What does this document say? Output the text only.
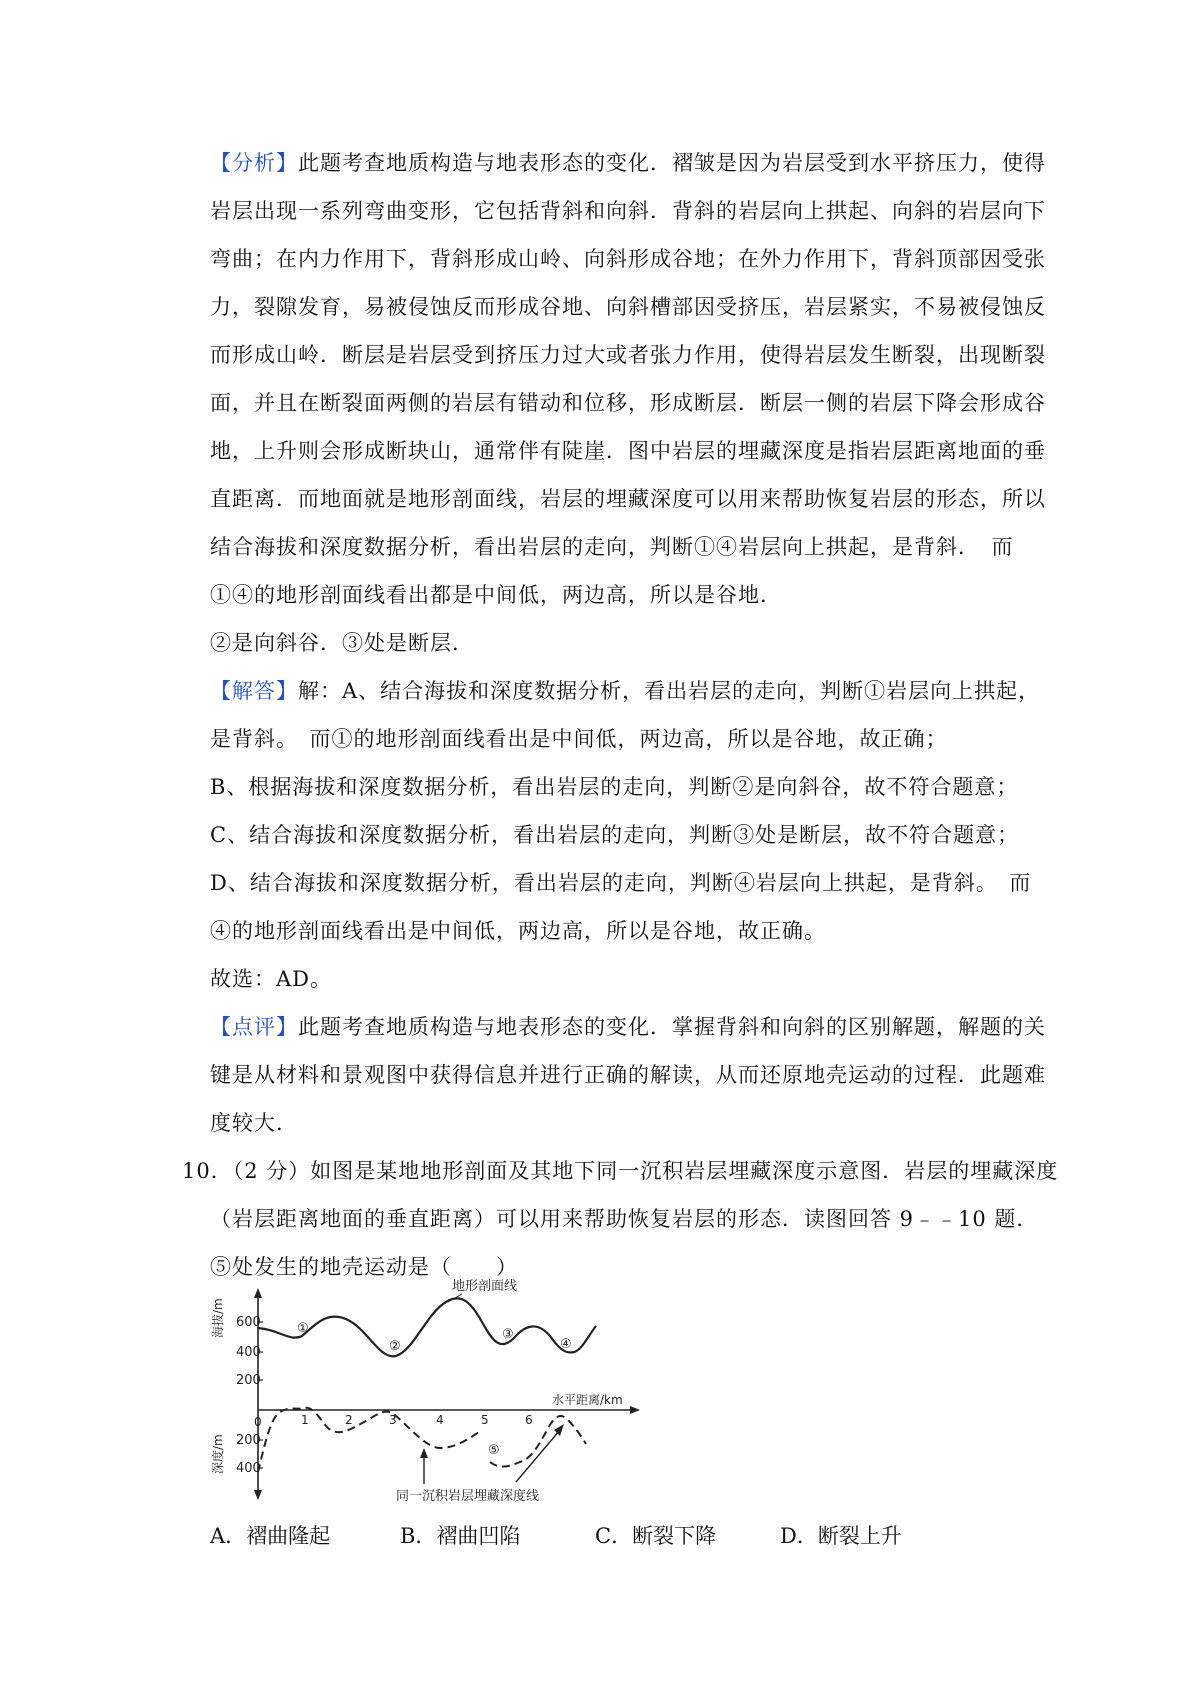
【分析】此题考查地质构造与地表形态的变化．褶皱是因为岩层受到水平挤压力，使得
岩层出现一系列弯曲变形，它包括背斜和向斜．背斜的岩层向上拱起、向斜的岩层向下
弯曲；在内力作用下，背斜形成山岭、向斜形成谷地；在外力作用下，背斜顶部因受张
力，裂隙发育，易被侵蚀反而形成谷地、向斜槽部因受挤压，岩层紧实，不易被侵蚀反
而形成山岭．断层是岩层受到挤压力过大或者张力作用，使得岩层发生断裂，出现断裂
面，并且在断裂面两侧的岩层有错动和位移，形成断层．断层一侧的岩层下降会形成谷
地，上升则会形成断块山，通常伴有陡崖．图中岩层的埋藏深度是指岩层距离地面的垂
直距离．而地面就是地形剖面线，岩层的埋藏深度可以用来帮助恢复岩层的形态，所以
结合海拔和深度数据分析，看出岩层的走向，判断①④岩层向上拱起，是背斜．　而
①④的地形剖面线看出都是中间低，两边高，所以是谷地．
②是向斜谷．③处是断层．
【解答】解：A、结合海拔和深度数据分析，看出岩层的走向，判断①岩层向上拱起，
是背斜。　而①的地形剖面线看出是中间低，两边高，所以是谷地，故正确；
B、根据海拔和深度数据分析，看出岩层的走向，判断②是向斜谷，故不符合题意；
C、结合海拔和深度数据分析，看出岩层的走向，判断③处是断层，故不符合题意；
D、结合海拔和深度数据分析，看出岩层的走向，判断④岩层向上拱起，是背斜。　而
④的地形剖面线看出是中间低，两边高，所以是谷地，故正确。
故选：AD。
【点评】此题考查地质构造与地表形态的变化．掌握背斜和向斜的区别解题，解题的关
键是从材料和景观图中获得信息并进行正确的解读，从而还原地壳运动的过程．此题难
度较大．
10．（2 分）如图是某地地形剖面及其地下同一沉积岩层埋藏深度示意图．岩层的埋藏深度
（岩层距离地面的垂直距离）可以用来帮助恢复岩层的形态．读图回答 9﹣﹣10 题．
⑤处发生的地壳运动是（　　）
600
400
200
200
400
海拔/m
深度/m
0	1	2	3	4	5	6
水平距离/km
地形剖面线
①
②
③
④
⑤
同一沉积岩层埋藏深度线
A．褶曲隆起	B．褶曲凹陷	C．断裂下降	D．断裂上升
